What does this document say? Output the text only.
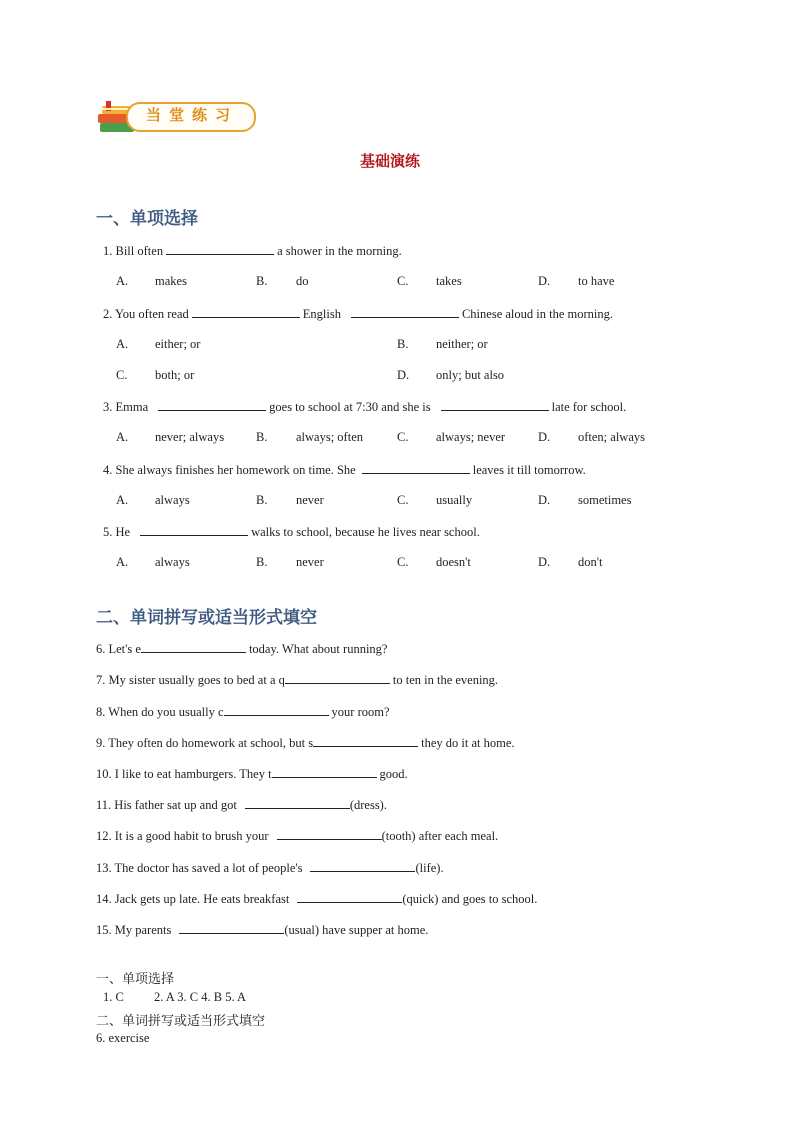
当堂练习
基础演练
一、单项选择
1. Bill often	a shower in the morning.
A. makes	B. do	C. takes	D. to have
2. You often read	English	Chinese aloud in the morning.
A. either; or	B. neither; or
C. both; or	D. only; but also
3. Emma	goes to school at 7:30 and she is	late for school.
A. never; always	B. always; often	C. always; never	D. often; always
4. She always finishes her homework on time. She	leaves it till tomorrow.
A. always	B. never	C. usually	D. sometimes
5. He	walks to school, because he lives near school.
A. always	B. never	C. doesn't	D. don't
二、单词拼写或适当形式填空
6. Let's e	today. What about running?
7. My sister usually goes to bed at a q	to ten in the evening.
8. When do you usually c	your room?
9. They often do homework at school, but s	they do it at home.
10. I like to eat hamburgers. They t	good.
11. His father sat up and got	(dress).
12. It is a good habit to brush your	(tooth) after each meal.
13. The doctor has saved a lot of people's	(life).
14. Jack gets up late. He eats breakfast	(quick) and goes to school.
15. My parents	(usual) have supper at home.
一、单项选择
1. C 2. A 3. C 4. B 5. A
二、单词拼写或适当形式填空
6. exercise
